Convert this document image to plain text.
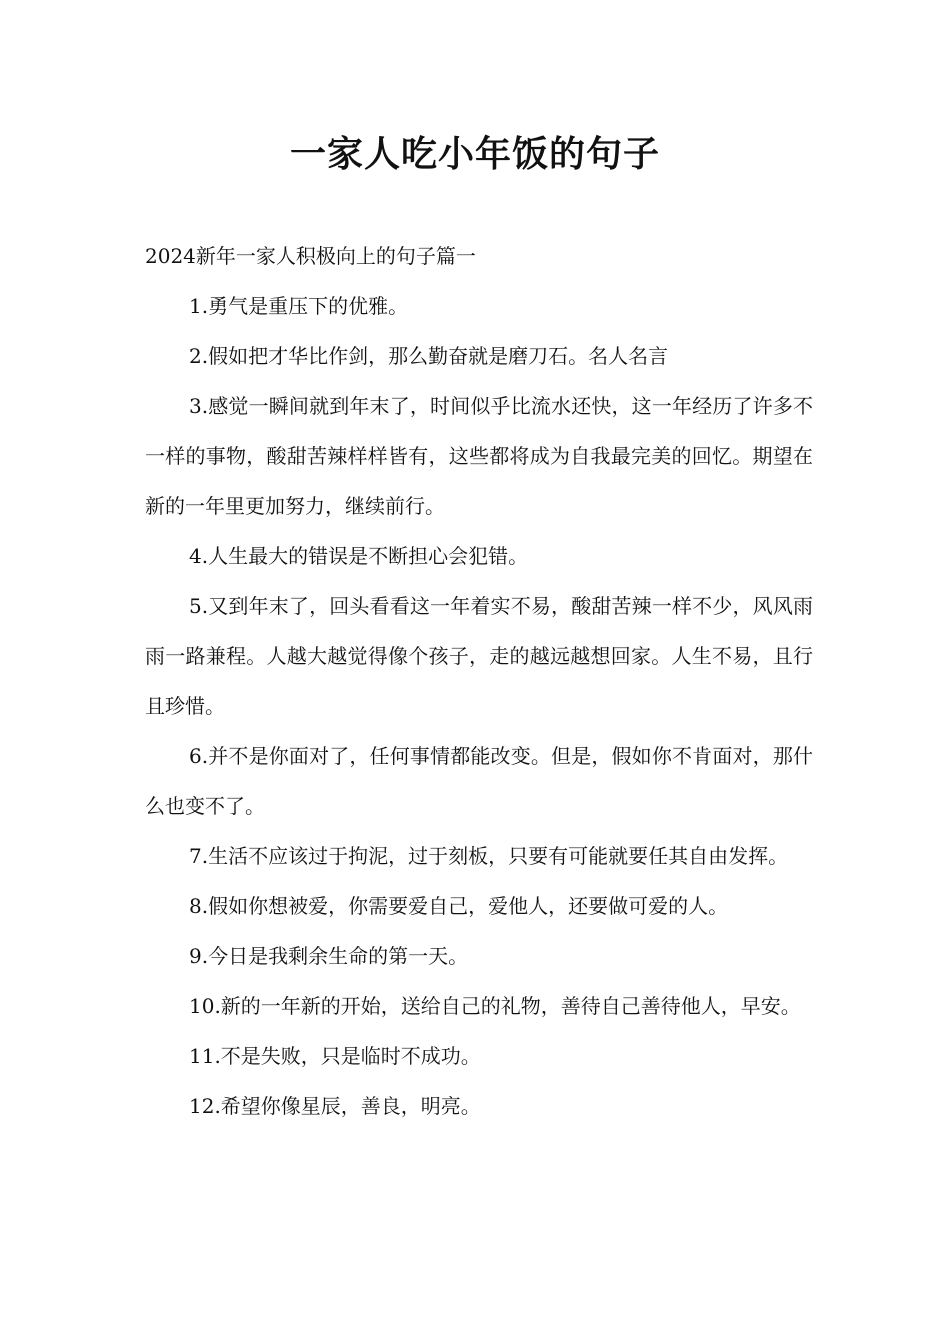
一家人吃小年饭的句子

2024新年一家人积极向上的句子篇一

1.勇气是重压下的优雅。

2.假如把才华比作剑，那么勤奋就是磨刀石。名人名言

3.感觉一瞬间就到年末了，时间似乎比流水还快，这一年经历了许多不一样的事物，酸甜苦辣样样皆有，这些都将成为自我最完美的回忆。期望在新的一年里更加努力，继续前行。

4.人生最大的错误是不断担心会犯错。

5.又到年末了，回头看看这一年着实不易，酸甜苦辣一样不少，风风雨雨一路兼程。人越大越觉得像个孩子，走的越远越想回家。人生不易，且行且珍惜。

6.并不是你面对了，任何事情都能改变。但是，假如你不肯面对，那什么也变不了。

7.生活不应该过于拘泥，过于刻板，只要有可能就要任其自由发挥。

8.假如你想被爱，你需要爱自己，爱他人，还要做可爱的人。

9.今日是我剩余生命的第一天。

10.新的一年新的开始，送给自己的礼物，善待自己善待他人，早安。

11.不是失败，只是临时不成功。

12.希望你像星辰，善良，明亮。
